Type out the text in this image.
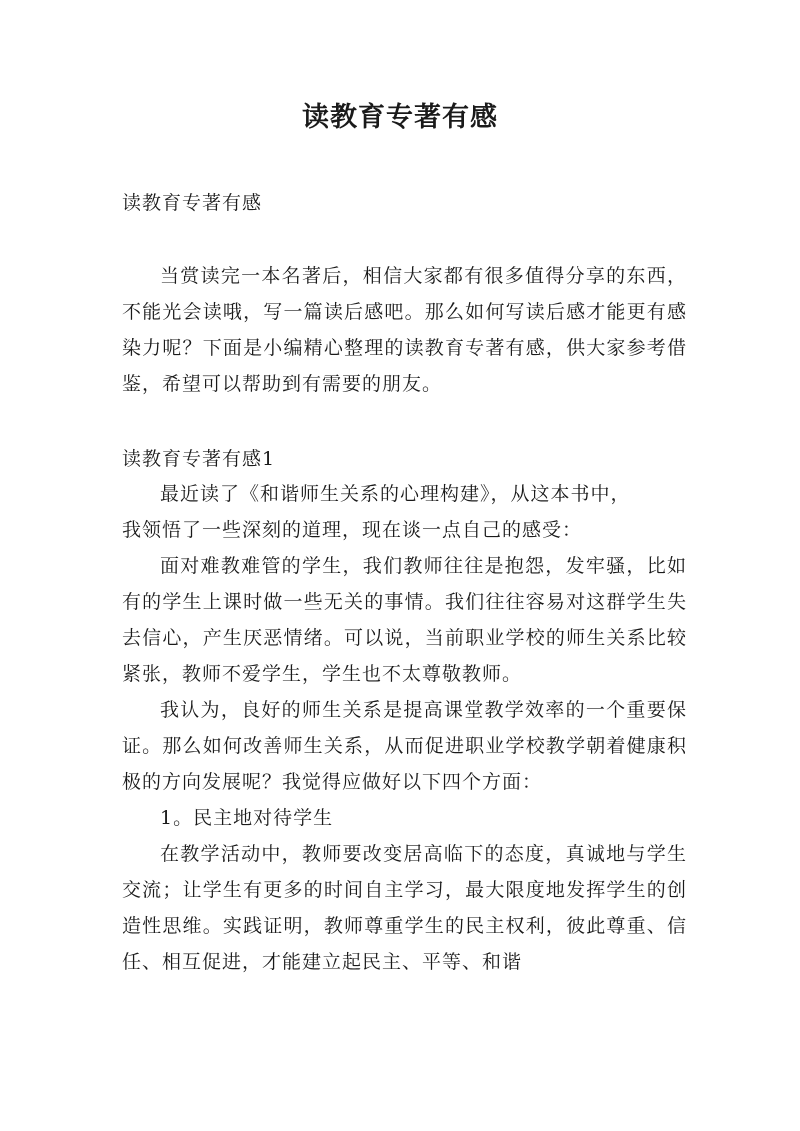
读教育专著有感

读教育专著有感

当赏读完一本名著后，相信大家都有很多值得分享的东西，不能光会读哦，写一篇读后感吧。那么如何写读后感才能更有感染力呢？下面是小编精心整理的读教育专著有感，供大家参考借鉴，希望可以帮助到有需要的朋友。

读教育专著有感1

最近读了《和谐师生关系的心理构建》，从这本书中，

我领悟了一些深刻的道理，现在谈一点自己的感受：

面对难教难管的学生，我们教师往往是抱怨，发牢骚，比如有的学生上课时做一些无关的事情。我们往往容易对这群学生失去信心，产生厌恶情绪。可以说，当前职业学校的师生关系比较紧张，教师不爱学生，学生也不太尊敬教师。

我认为，良好的师生关系是提高课堂教学效率的一个重要保证。那么如何改善师生关系，从而促进职业学校教学朝着健康积极的方向发展呢？我觉得应做好以下四个方面：

1。民主地对待学生

在教学活动中，教师要改变居高临下的态度，真诚地与学生交流；让学生有更多的时间自主学习，最大限度地发挥学生的创造性思维。实践证明，教师尊重学生的民主权利，彼此尊重、信任、相互促进，才能建立起民主、平等、和谐
